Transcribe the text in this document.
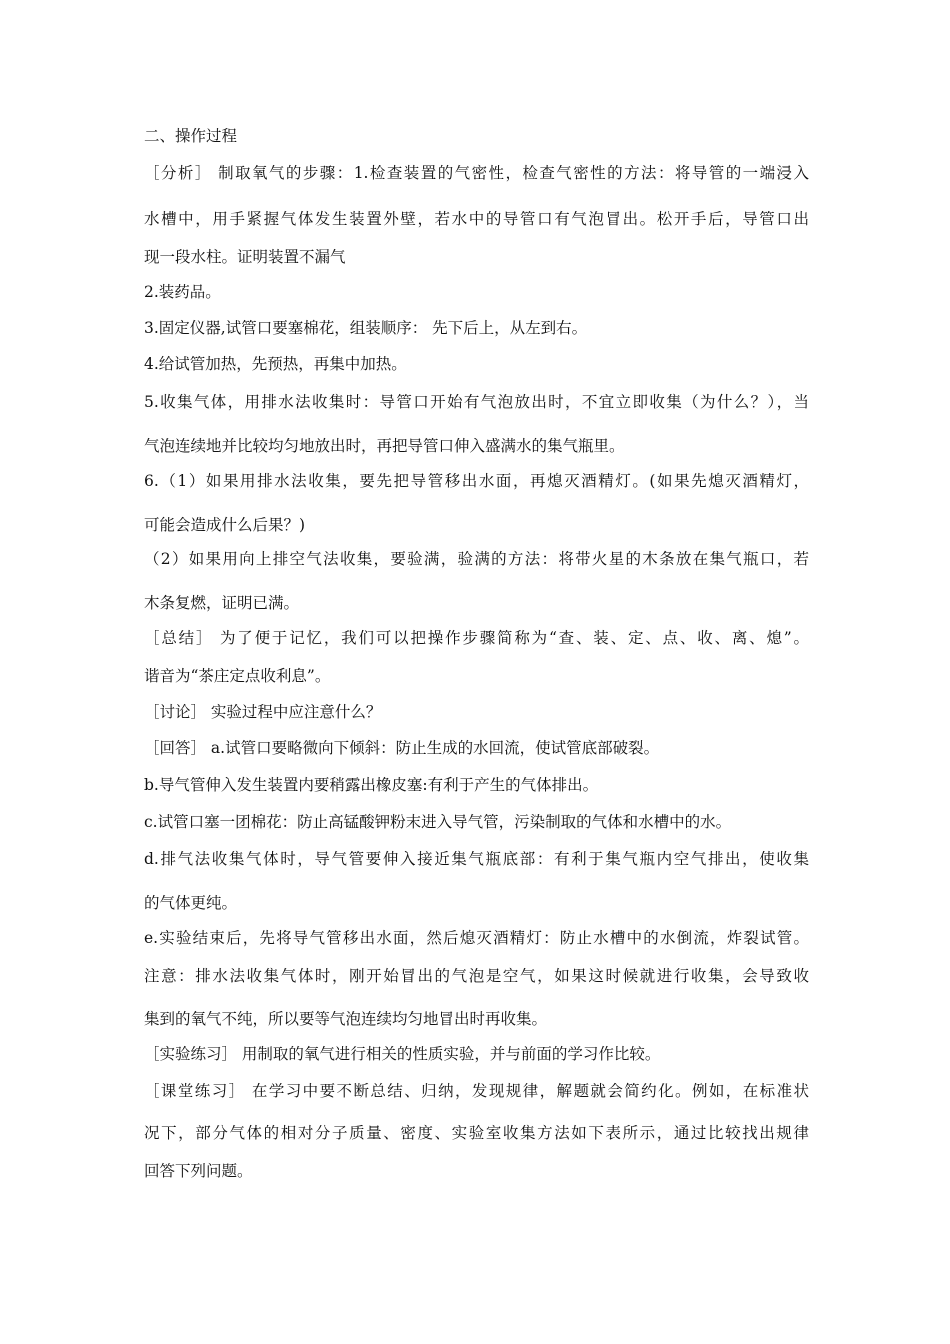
二、操作过程
［分析］ 制取氧气的步骤：1.检查装置的气密性，检查气密性的方法：将导管的一端浸入
水槽中，用手紧握气体发生装置外壁，若水中的导管口有气泡冒出。松开手后，导管口出
现一段水柱。证明装置不漏气
2.装药品。
3.固定仪器,试管口要塞棉花，组装顺序： 先下后上，从左到右。
4.给试管加热，先预热，再集中加热。
5.收集气体，用排水法收集时：导管口开始有气泡放出时，不宜立即收集（为什么？），当
气泡连续地并比较均匀地放出时，再把导管口伸入盛满水的集气瓶里。
6.（1）如果用排水法收集，要先把导管移出水面，再熄灭酒精灯。(如果先熄灭酒精灯，
可能会造成什么后果？)
（2）如果用向上排空气法收集，要验满，验满的方法：将带火星的木条放在集气瓶口，若
木条复燃，证明已满。
［总结］ 为了便于记忆，我们可以把操作步骤简称为“查、装、定、点、收、离、熄”。
谐音为“茶庄定点收利息”。
［讨论］ 实验过程中应注意什么？
［回答］ a.试管口要略微向下倾斜：防止生成的水回流，使试管底部破裂。
b.导气管伸入发生装置内要稍露出橡皮塞:有利于产生的气体排出。
c.试管口塞一团棉花：防止高锰酸钾粉末进入导气管，污染制取的气体和水槽中的水。
d.排气法收集气体时，导气管要伸入接近集气瓶底部：有利于集气瓶内空气排出，使收集
的气体更纯。
e.实验结束后，先将导气管移出水面，然后熄灭酒精灯：防止水槽中的水倒流，炸裂试管。
注意：排水法收集气体时，刚开始冒出的气泡是空气，如果这时候就进行收集，会导致收
集到的氧气不纯，所以要等气泡连续均匀地冒出时再收集。
［实验练习］ 用制取的氧气进行相关的性质实验，并与前面的学习作比较。
［课堂练习］ 在学习中要不断总结、归纳，发现规律，解题就会简约化。例如，在标准状
况下，部分气体的相对分子质量、密度、实验室收集方法如下表所示，通过比较找出规律
回答下列问题。
